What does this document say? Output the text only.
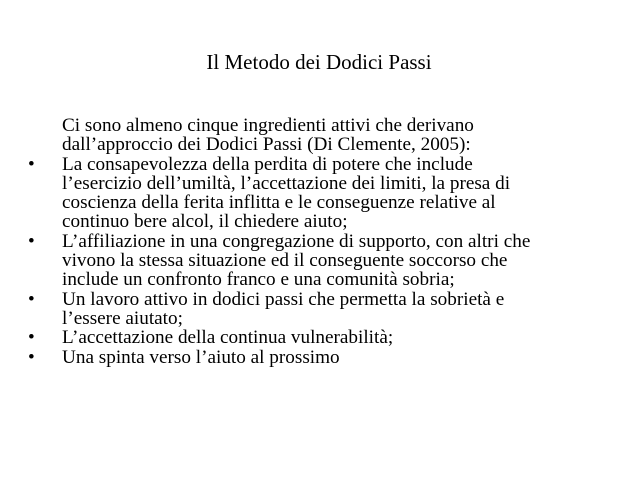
Il Metodo dei Dodici Passi

Ci sono almeno cinque ingredienti attivi che derivano
dall’approccio dei Dodici Passi (Di Clemente, 2005):

• La consapevolezza della perdita di potere che include
l’esercizio dell’umiltà, l’accettazione dei limiti, la presa di
coscienza della ferita inflitta e le conseguenze relative al
continuo bere alcol, il chiedere aiuto;
• L’affiliazione in una congregazione di supporto, con altri che
vivono la stessa situazione ed il conseguente soccorso che
include un confronto franco e una comunità sobria;
• Un lavoro attivo in dodici passi che permetta la sobrietà e
l’essere aiutato;
• L’accettazione della continua vulnerabilità;
• Una spinta verso l’aiuto al prossimo
